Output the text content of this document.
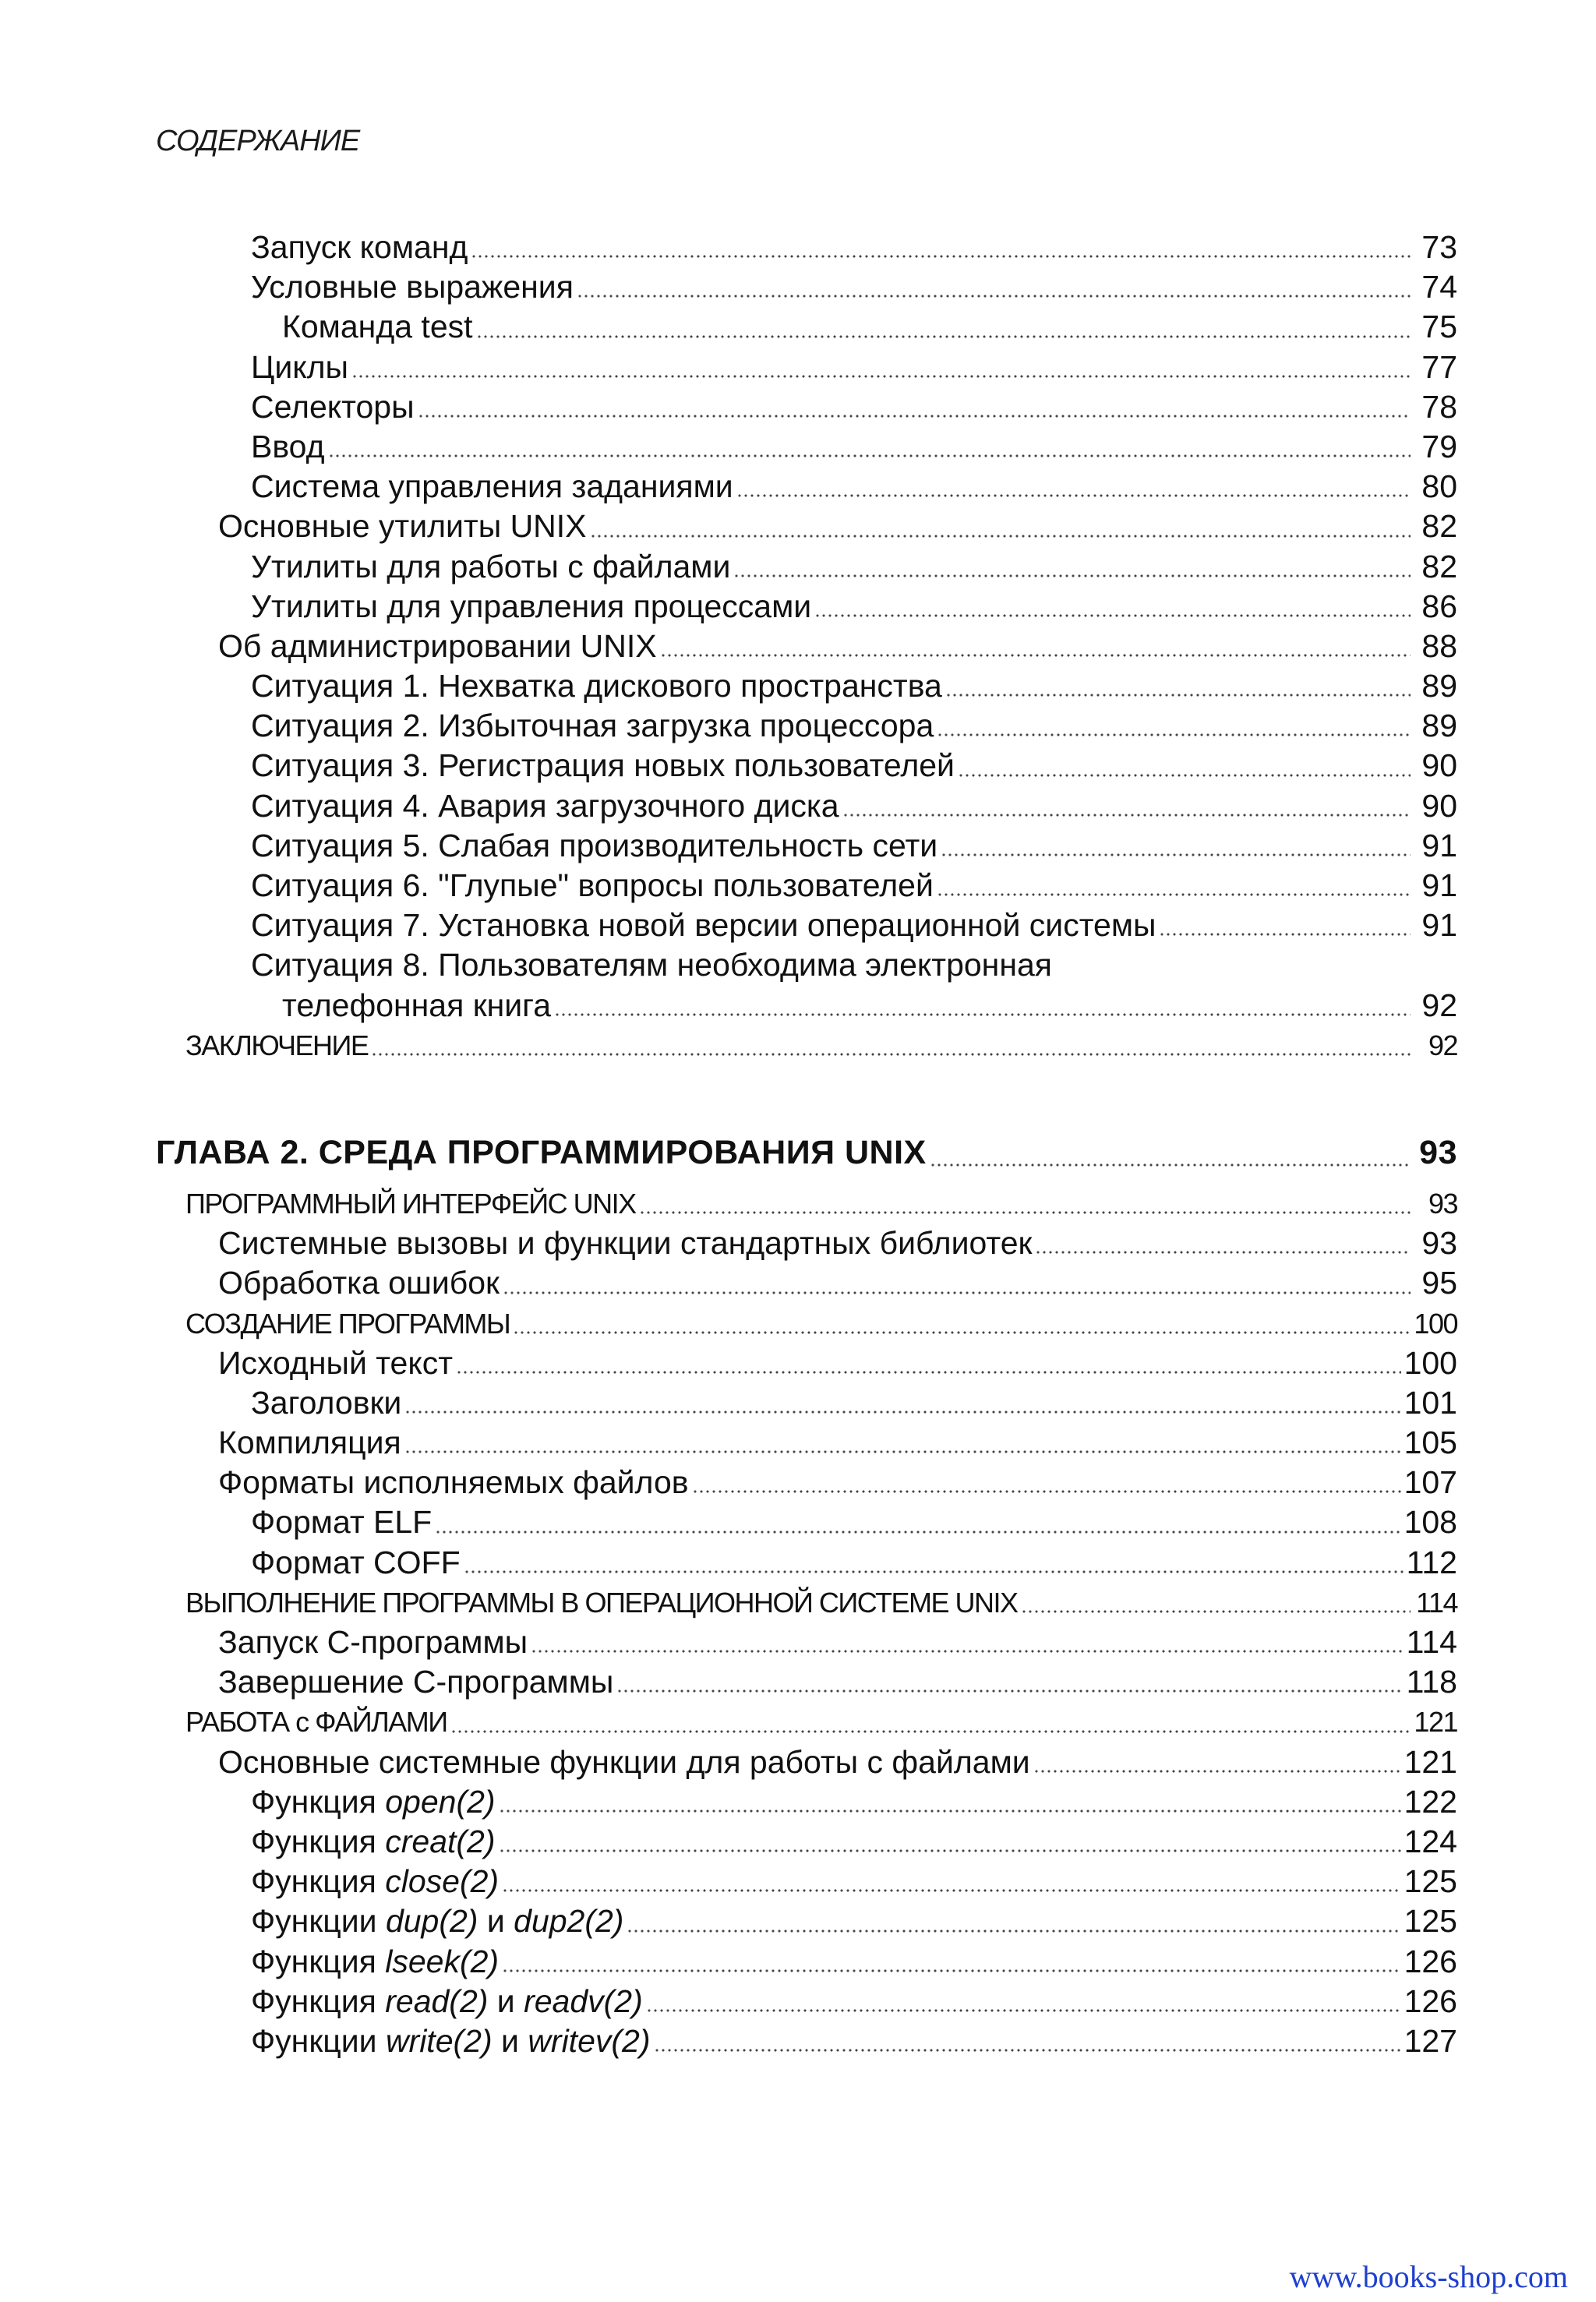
СОДЕРЖАНИЕ
Запуск команд	73
Условные выражения	74
Команда test	75
Циклы	77
Селекторы	78
Ввод	79
Система управления заданиями	80
Основные утилиты UNIX	82
Утилиты для работы с файлами	82
Утилиты для управления процессами	86
Об администрировании UNIX	88
Ситуация 1. Нехватка дискового пространства	89
Ситуация 2. Избыточная загрузка процессора	89
Ситуация 3. Регистрация новых пользователей	90
Ситуация 4. Авария загрузочного диска	90
Ситуация 5. Слабая производительность сети	91
Ситуация 6. "Глупые" вопросы пользователей	91
Ситуация 7. Установка новой версии операционной системы	91
Ситуация 8. Пользователям необходима электронная
телефонная книга	92
ЗАКЛЮЧЕНИЕ	92
ГЛАВА 2. СРЕДА ПРОГРАММИРОВАНИЯ UNIX	93
ПРОГРАММНЫЙ ИНТЕРФЕЙС UNIX	93
Системные вызовы и функции стандартных библиотек	93
Обработка ошибок	95
СОЗДАНИЕ ПРОГРАММЫ	100
Исходный текст	100
Заголовки	101
Компиляция	105
Форматы исполняемых файлов	107
Формат ELF	108
Формат COFF	112
ВЫПОЛНЕНИЕ ПРОГРАММЫ В ОПЕРАЦИОННОЙ СИСТЕМЕ UNIX	114
Запуск С-программы	114
Завершение С-программы	118
РАБОТА с ФАЙЛАМИ	121
Основные системные функции для работы с файлами	121
Функция open(2)	122
Функция creat(2)	124
Функция close(2)	125
Функции dup(2) и dup2(2)	125
Функция lseek(2)	126
Функция read(2) и readv(2)	126
Функции write(2) и writev(2)	127
www.books-shop.com
